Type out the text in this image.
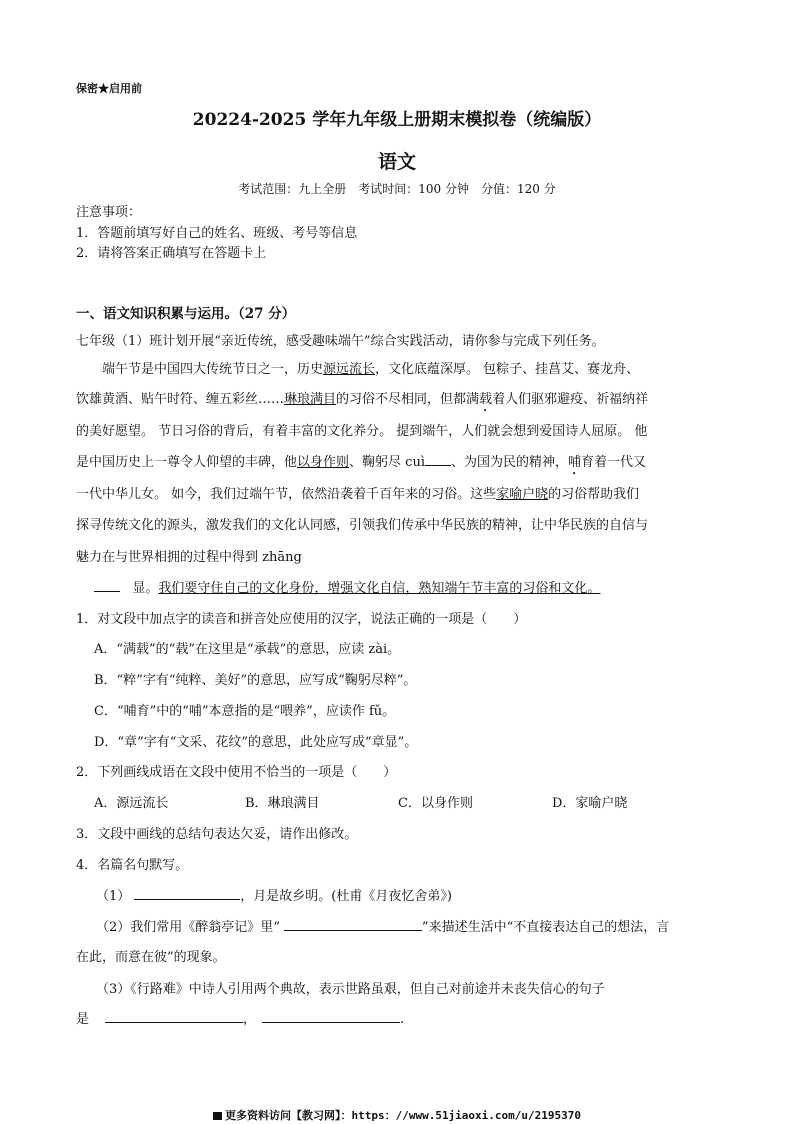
保密★启用前
20224-2025 学年九年级上册期末模拟卷（统编版）
语文
考试范围：九上全册　考试时间：100 分钟　分值：120 分
注意事项：
1．答题前填写好自己的姓名、班级、考号等信息
2．请将答案正确填写在答题卡上
一、语文知识积累与运用。（27 分）
七年级（1）班计划开展“亲近传统，感受趣味端午”综合实践活动，请你参与完成下列任务。
端午节是中国四大传统节日之一，历史源远流长，文化底蕴深厚。 包粽子、挂菖艾、赛龙舟、
饮雄黄酒、贴午时符、缠五彩丝……琳琅满目的习俗不尽相同，但都满载着人们驱邪避疫、祈福纳祥
的美好愿望。 节日习俗的背后，有着丰富的文化养分。 提到端午，人们就会想到爱国诗人屈原。 他
是中国历史上一尊令人仰望的丰碑，他以身作则、鞠躬尽 cuì 、为国为民的精神，哺育着一代又
一代中华儿女。 如今，我们过端午节，依然沿袭着千百年来的习俗。这些家喻户晓的习俗帮助我们
探寻传统文化的源头，激发我们的文化认同感，引领我们传承中华民族的精神，让中华民族的自信与
魅力在与世界相拥的过程中得到 zhāng
显。我们要守住自己的文化身份，增强文化自信，熟知端午节丰富的习俗和文化。
1．对文段中加点字的读音和拼音处应使用的汉字，说法正确的一项是（　　）
A．“满载”的“载”在这里是“承载”的意思，应读 zài。
B．“粹”字有“纯粹、美好”的意思，应写成“鞠躬尽粹”。
C．“哺育”中的“哺”本意指的是“喂养”，应读作 fǔ。
D．“章”字有“文采、花纹”的意思，此处应写成“章显”。
2．下列画线成语在文段中使用不恰当的一项是（　　）
A．源远流长	B．琳琅满目	C．以身作则	D．家喻户晓
3．文段中画线的总结句表达欠妥，请作出修改。
4．名篇名句默写。
（1）	，月是故乡明。(杜甫《月夜忆舍弟》)
（2）我们常用《醉翁亭记》里“	”来描述生活中“不直接表达自己的想法，言
在此，而意在彼”的现象。
（3）《行路难》中诗人引用两个典故，表示世路虽艰，但自己对前途并未丧失信心的句子
是	，	.
更多资料访问【教习网】：https：//www.51jiaoxi.com/u/2195370
